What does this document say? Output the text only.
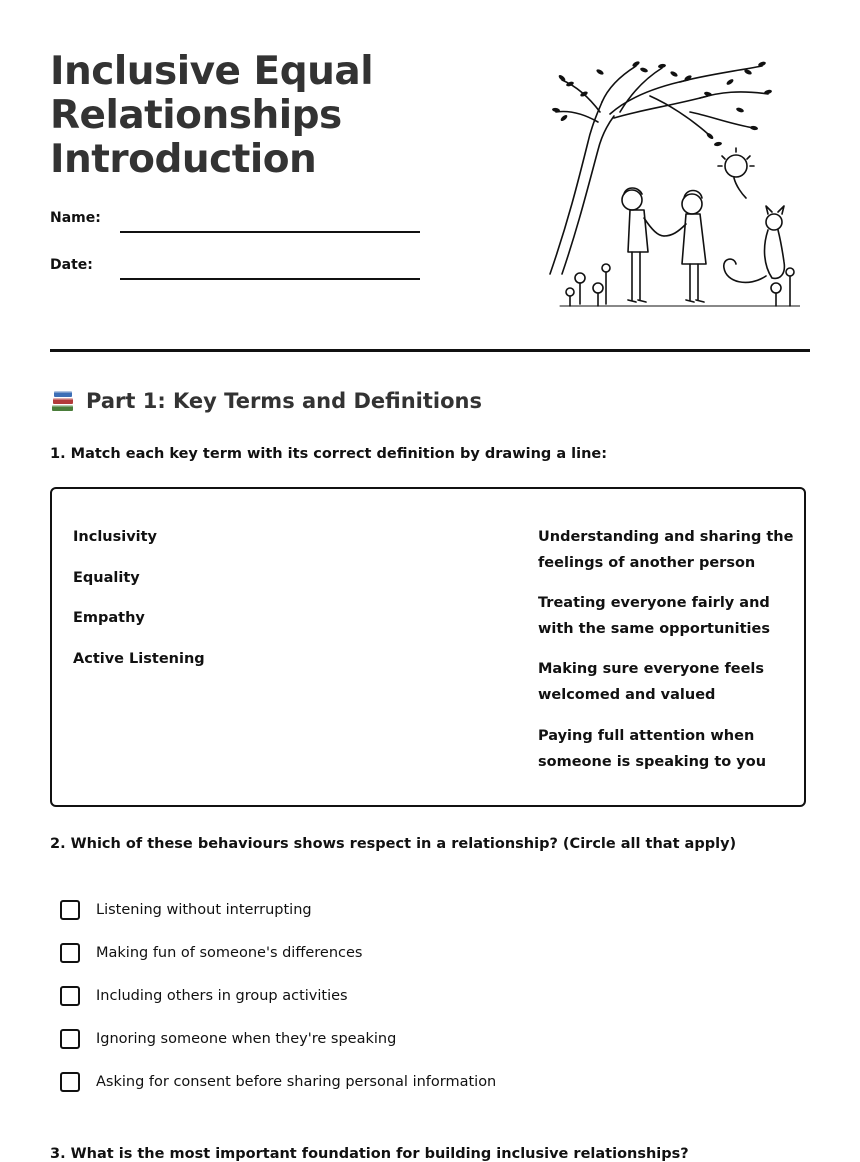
Inclusive Equal
Relationships
Introduction
Name:
Date:
Part 1: Key Terms and Definitions

1. Match each key term with its correct definition by drawing a line:

Inclusivity
Equality
Empathy
Active Listening
Understanding and sharing the feelings of another person
Treating everyone fairly and with the same opportunities
Making sure everyone feels welcomed and valued
Paying full attention when someone is speaking to you

2. Which of these behaviours shows respect in a relationship? (Circle all that apply)

Listening without interrupting
Making fun of someone's differences
Including others in group activities
Ignoring someone when they're speaking
Asking for consent before sharing personal information

3. What is the most important foundation for building inclusive relationships?
